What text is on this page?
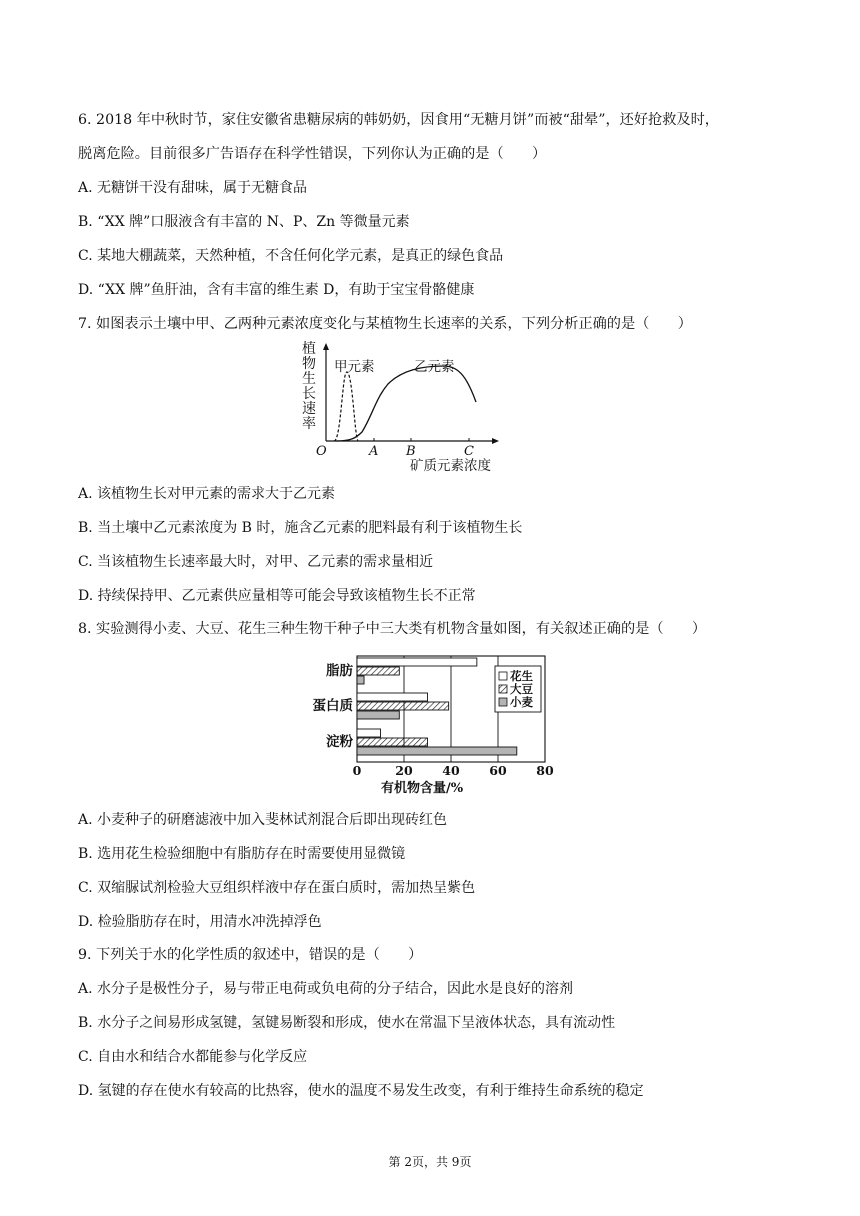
6. 2018 年中秋时节，家住安徽省患糖尿病的韩奶奶，因食用“无糖月饼”而被“甜晕”，还好抢救及时，
脱离危险。目前很多广告语存在科学性错误，下列你认为正确的是（　　）
A. 无糖饼干没有甜味，属于无糖食品
B. “XX 牌”口服液含有丰富的 N、P、Zn 等微量元素
C. 某地大棚蔬菜，天然种植，不含任何化学元素，是真正的绿色食品
D. “XX 牌”鱼肝油，含有丰富的维生素 D，有助于宝宝骨骼健康
7. 如图表示土壤中甲、乙两种元素浓度变化与某植物生长速率的关系，下列分析正确的是（　　）
植
物
生
长
速
率
O	A B	C
矿质元素浓度
甲元素	乙元素
A. 该植物生长对甲元素的需求大于乙元素
B. 当土壤中乙元素浓度为 B 时，施含乙元素的肥料最有利于该植物生长
C. 当该植物生长速率最大时，对甲、乙元素的需求量相近
D. 持续保持甲、乙元素供应量相等可能会导致该植物生长不正常
8. 实验测得小麦、大豆、花生三种生物干种子中三大类有机物含量如图，有关叙述正确的是（　　）
0	20 40 60 80
脂肪
蛋白质
淀粉
花生
大豆
小麦
有机物含量/%
A. 小麦种子的研磨滤液中加入斐林试剂混合后即出现砖红色
B. 选用花生检验细胞中有脂肪存在时需要使用显微镜
C. 双缩脲试剂检验大豆组织样液中存在蛋白质时，需加热呈紫色
D. 检验脂肪存在时，用清水冲洗掉浮色
9. 下列关于水的化学性质的叙述中，错误的是（　　）
A. 水分子是极性分子，易与带正电荷或负电荷的分子结合，因此水是良好的溶剂
B. 水分子之间易形成氢键，氢键易断裂和形成，使水在常温下呈液体状态，具有流动性
C. 自由水和结合水都能参与化学反应
D. 氢键的存在使水有较高的比热容，使水的温度不易发生改变，有利于维持生命系统的稳定
第 2页，共 9页
